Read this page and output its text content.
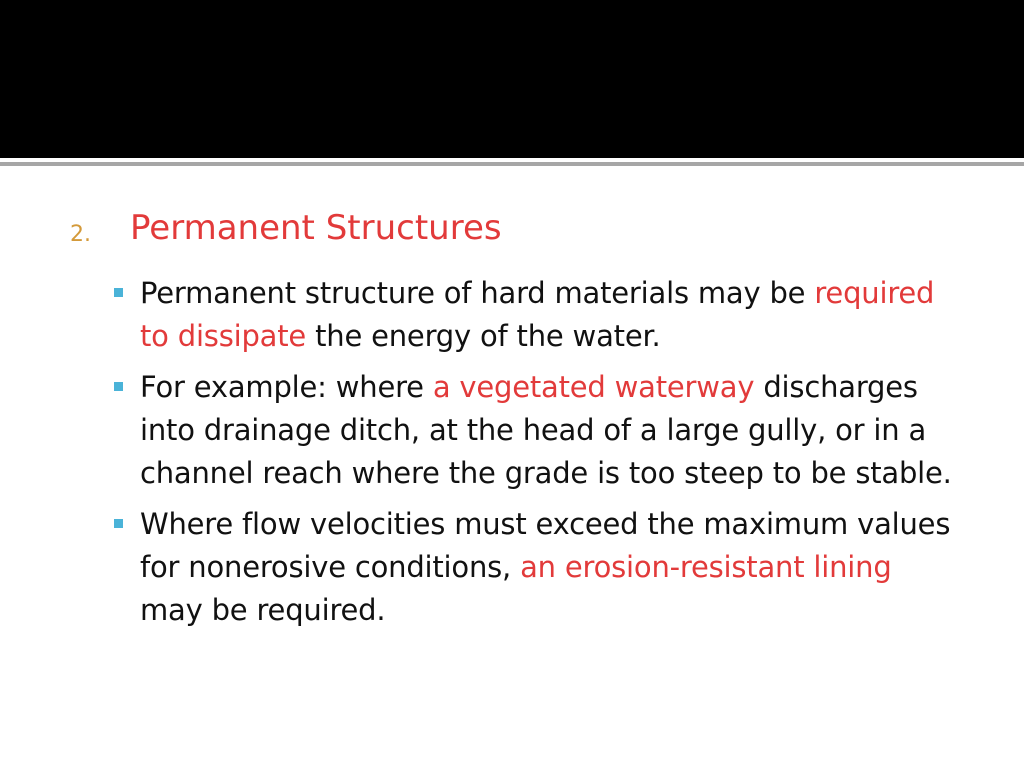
2. Permanent Structures
Permanent structure of hard materials may be required to dissipate the energy of the water.
For example: where a vegetated waterway discharges into drainage ditch, at the head of a large gully, or in a channel reach where the grade is too steep to be stable.
Where flow velocities must exceed the maximum values for nonerosive conditions, an erosion-resistant lining may be required.
